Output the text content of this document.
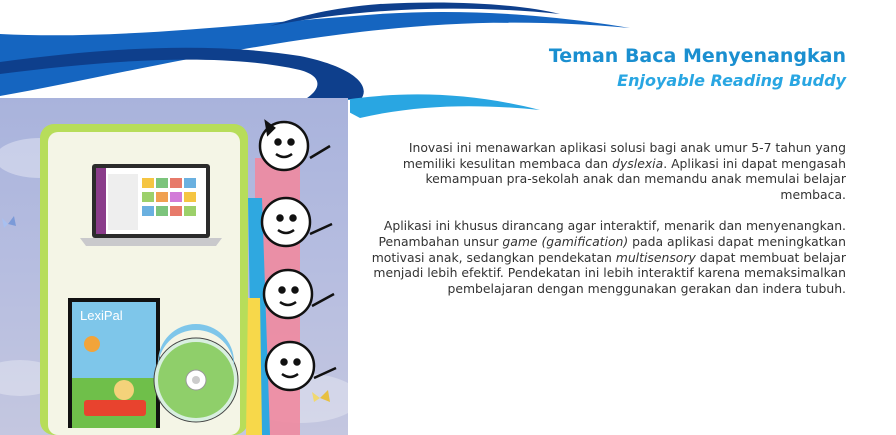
Teman Baca Menyenangkan
Enjoyable Reading Buddy

Inovasi ini menawarkan aplikasi solusi bagi anak umur 5-7 tahun yang memiliki kesulitan membaca dan dyslexia. Aplikasi ini dapat mengasah kemampuan pra-sekolah anak dan memandu anak memulai belajar membaca.

Aplikasi ini khusus dirancang agar interaktif, menarik dan menyenangkan. Penambahan unsur game (gamification) pada aplikasi dapat meningkatkan motivasi anak, sedangkan pendekatan multisensory dapat membuat belajar menjadi lebih efektif. Pendekatan ini lebih interaktif karena memaksimalkan pembelajaran dengan menggunakan gerakan dan indera tubuh.

LexiPal
